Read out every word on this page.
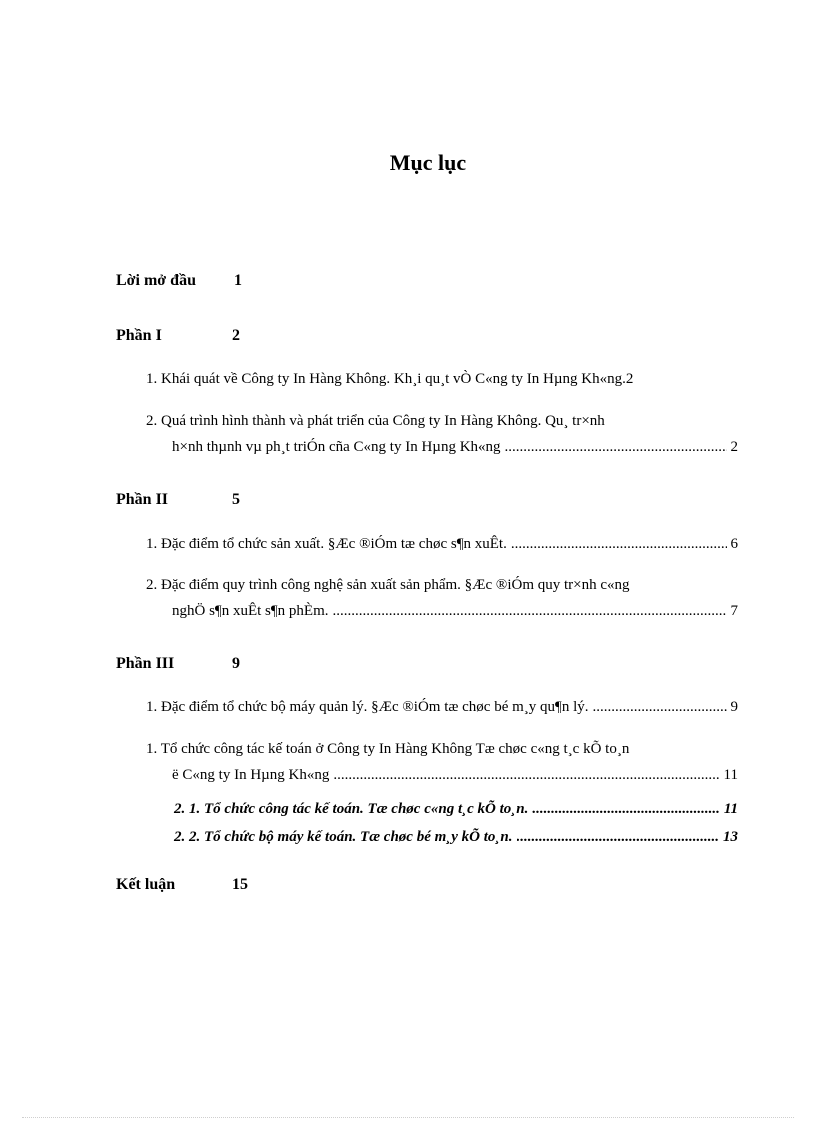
Mục lục
Lời mở đầu 1
Phần I	2
1. Khái quát về Công ty In Hàng Không. Kh¸i qu¸t vÒ C«ng ty In Hµng Kh«ng. 2
2. Quá trình hình thành và phát triển của Công ty In Hàng Không. Qu¸ tr×nh
h×nh thµnh vµ ph¸t triÓn cña C«ng ty In Hµng Kh«ng .....	2
Phần II	5
1. Đặc điểm tổ chức sản xuất. §Æc ®iÓm tæ chøc s¶n xuÊt. .....	6
2. Đặc điểm quy trình công nghệ sản xuất sản phẩm. §Æc ®iÓm quy tr×nh c«ng
nghÖ s¶n xuÊt s¶n phÈm. .....	7
Phần III	9
1. Đặc điểm tổ chức bộ máy quản lý. §Æc ®iÓm tæ chøc bé m¸y qu¶n lý. .....	9
1. Tổ chức công tác kế toán ở Công ty In Hàng Không Tæ chøc c«ng t¸c kÕ to¸n
ë C«ng ty In Hµng Kh«ng .....	11
2. 1. Tổ chức công tác kế toán. Tæ chøc c«ng t¸c kÕ to¸n. .....	11
2. 2. Tổ chức bộ máy kế toán. Tæ chøc bé m¸y kÕ to¸n. .....	13
Kết luận	15
